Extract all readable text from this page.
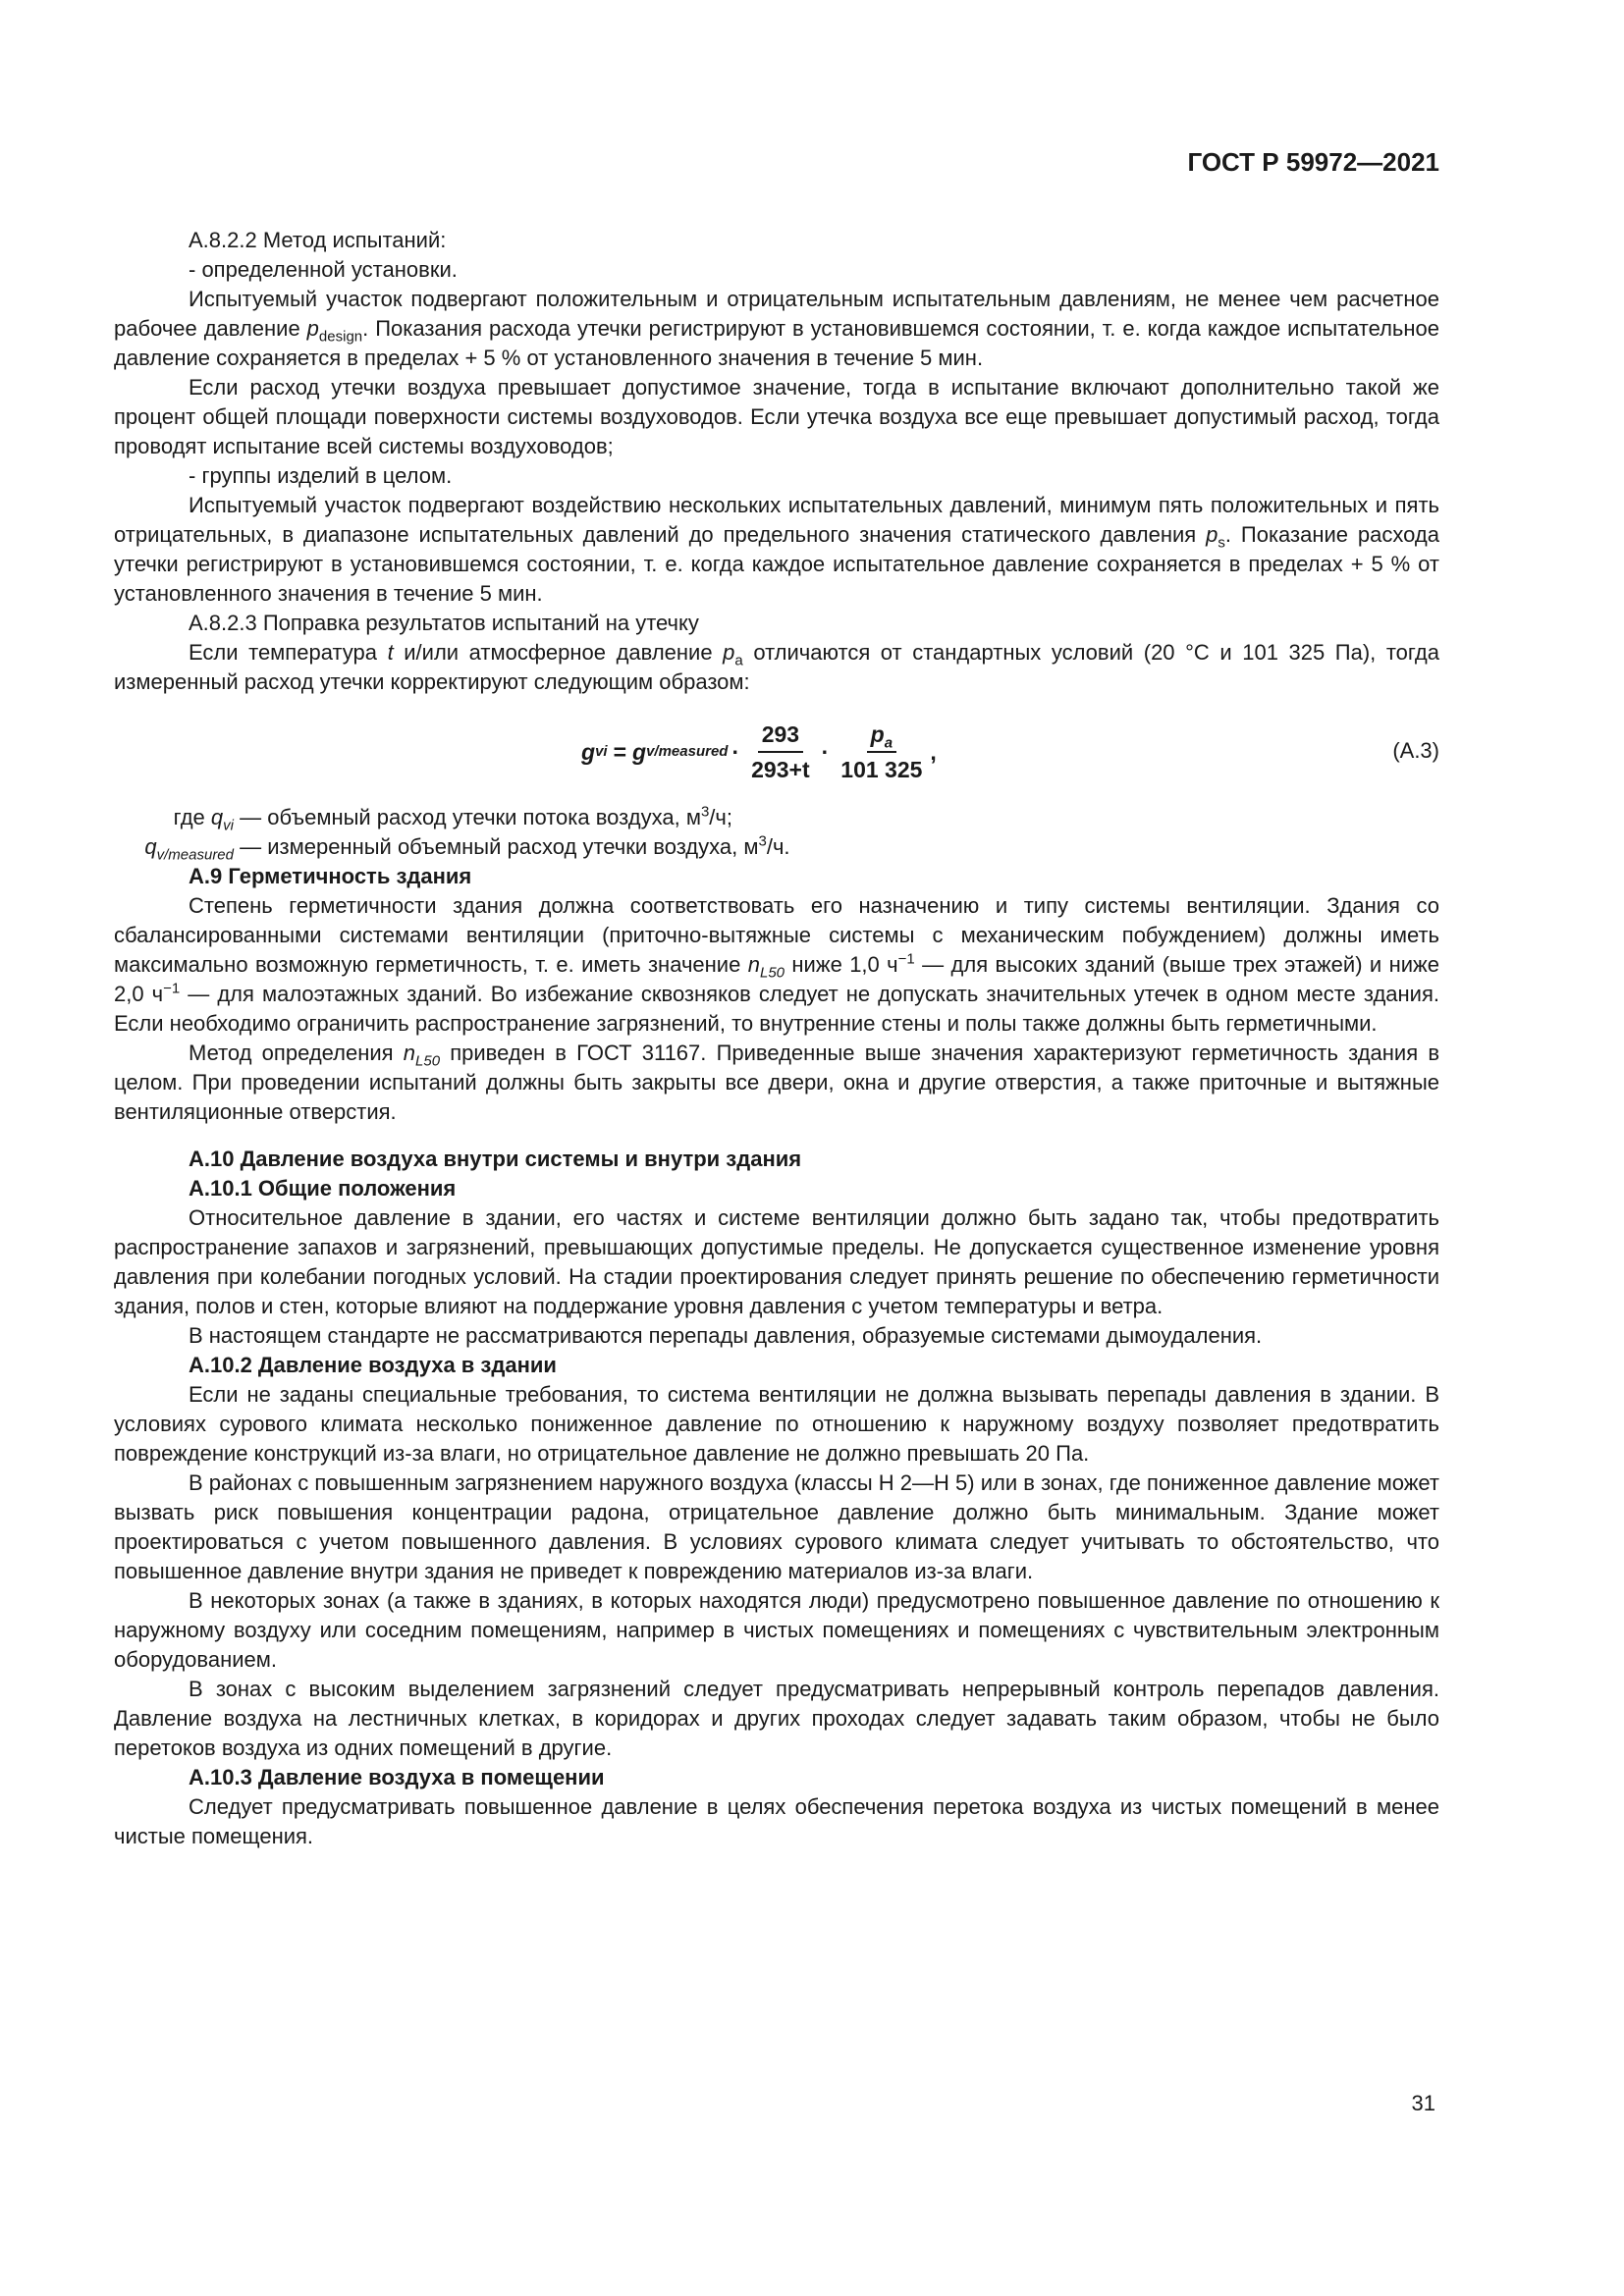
ГОСТ Р 59972—2021

А.8.2.2 Метод испытаний:

- определенной установки.

Испытуемый участок подвергают положительным и отрицательным испытательным давлениям, не менее чем расчетное рабочее давление $p_{design}$. Показания расхода утечки регистрируют в установившемся состоянии, т. е. когда каждое испытательное давление сохраняется в пределах + 5 % от установленного значения в течение 5 мин.

Если расход утечки воздуха превышает допустимое значение, тогда в испытание включают дополнительно такой же процент общей площади поверхности системы воздуховодов. Если утечка воздуха все еще превышает допустимый расход, тогда проводят испытание всей системы воздуховодов;

- группы изделий в целом.

Испытуемый участок подвергают воздействию нескольких испытательных давлений, минимум пять положительных и пять отрицательных, в диапазоне испытательных давлений до предельного значения статического давления $p_s$. Показание расхода утечки регистрируют в установившемся состоянии, т. е. когда каждое испытательное давление сохраняется в пределах + 5 % от установленного значения в течение 5 мин.

А.8.2.3 Поправка результатов испытаний на утечку

Если температура t и/или атмосферное давление $p_a$ отличаются от стандартных условий (20 °С и 101 325 Па), тогда измеренный расход утечки корректируют следующим образом:

g vi = g v/measured · $\frac{293}{293+t} \cdot \frac{p_a}{101 325}$ ,	(А.3)

где $q_{vi}$ — объемный расход утечки потока воздуха, $м^3/ч$;

$q_{v/measured}$ — измеренный объемный расход утечки воздуха, $м^3/ч$.

А.9 Герметичность здания

Степень герметичности здания должна соответствовать его назначению и типу системы вентиляции. Здания со сбалансированными системами вентиляции (приточно-вытяжные системы с механическим побуждением) должны иметь максимально возможную герметичность, т. е. иметь значение $n_{L50}$ ниже 1,0 $ч^{-1}$ — для высоких зданий (выше трех этажей) и ниже 2,0 $ч^{-1}$ — для малоэтажных зданий. Во избежание сквозняков следует не допускать значительных утечек в одном месте здания. Если необходимо ограничить распространение загрязнений, то внутренние стены и полы также должны быть герметичными.

Метод определения $n_{L50}$ приведен в ГОСТ 31167. Приведенные выше значения характеризуют герметичность здания в целом. При проведении испытаний должны быть закрыты все двери, окна и другие отверстия, а также приточные и вытяжные вентиляционные отверстия.

А.10 Давление воздуха внутри системы и внутри здания

А.10.1 Общие положения

Относительное давление в здании, его частях и системе вентиляции должно быть задано так, чтобы предотвратить распространение запахов и загрязнений, превышающих допустимые пределы. Не допускается существенное изменение уровня давления при колебании погодных условий. На стадии проектирования следует принять решение по обеспечению герметичности здания, полов и стен, которые влияют на поддержание уровня давления с учетом температуры и ветра.

В настоящем стандарте не рассматриваются перепады давления, образуемые системами дымоудаления.

А.10.2 Давление воздуха в здании

Если не заданы специальные требования, то система вентиляции не должна вызывать перепады давления в здании. В условиях сурового климата несколько пониженное давление по отношению к наружному воздуху позволяет предотвратить повреждение конструкций из-за влаги, но отрицательное давление не должно превышать 20 Па.

В районах с повышенным загрязнением наружного воздуха (классы Н 2—Н 5) или в зонах, где пониженное давление может вызвать риск повышения концентрации радона, отрицательное давление должно быть минимальным. Здание может проектироваться с учетом повышенного давления. В условиях сурового климата следует учитывать то обстоятельство, что повышенное давление внутри здания не приведет к повреждению материалов из-за влаги.

В некоторых зонах (а также в зданиях, в которых находятся люди) предусмотрено повышенное давление по отношению к наружному воздуху или соседним помещениям, например в чистых помещениях и помещениях с чувствительным электронным оборудованием.

В зонах с высоким выделением загрязнений следует предусматривать непрерывный контроль перепадов давления. Давление воздуха на лестничных клетках, в коридорах и других проходах следует задавать таким образом, чтобы не было перетоков воздуха из одних помещений в другие.

А.10.3 Давление воздуха в помещении

Следует предусматривать повышенное давление в целях обеспечения перетока воздуха из чистых помещений в менее чистые помещения.

31
